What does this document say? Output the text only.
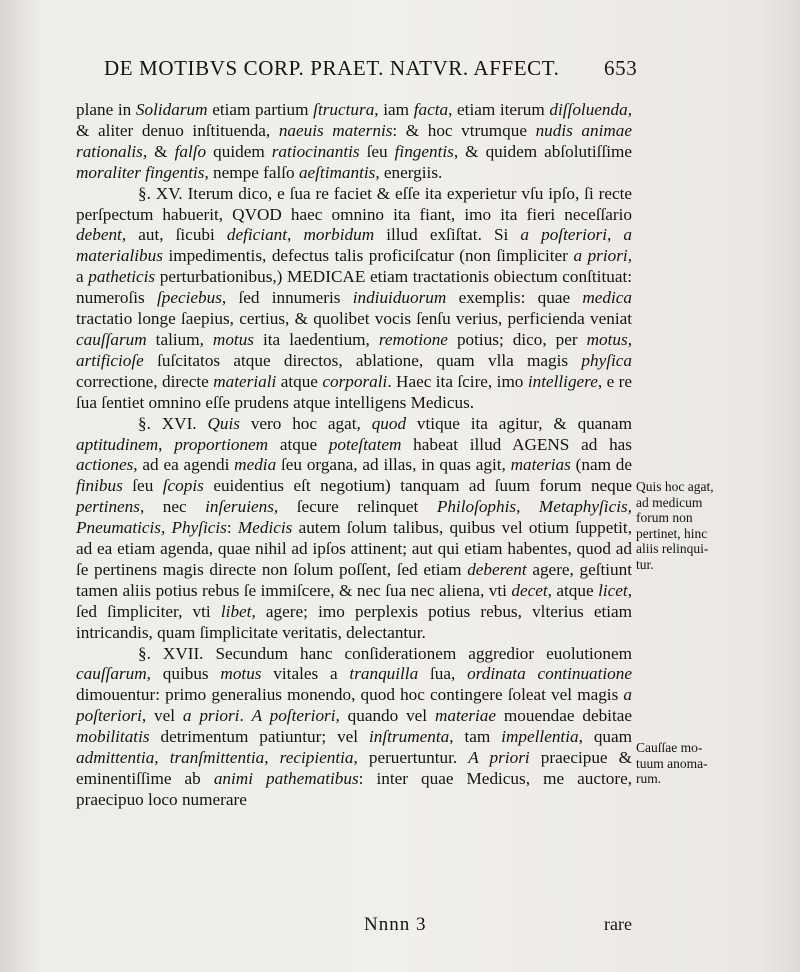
DE MOTIBVS CORP. PRAET. NATVR. AFFECT. 653

plane in Solidarum etiam partium ſtructura, iam facta, etiam iterum diſſoluenda, & aliter denuo inſtituenda, naeuis maternis: & hoc vtrumque nudis animae rationalis, & falſo quidem ratiocinantis ſeu fingentis, & quidem abſolutiſſime moraliter fingentis, nempe falſo aeſtimantis, energiis.

§. XV. Iterum dico, e ſua re faciet & eſſe ita experietur vſu ipſo, ſi recte perſpectum habuerit, QVOD haec omnino ita fiant, imo ita fieri neceſſario debent, aut, ſicubi deficiant, morbidum illud exſiſtat. Si a poſteriori, a materialibus impedimentis, defectus talis proficiſcatur (non ſimpliciter a priori, a patheticis perturbationibus,) MEDICAE etiam tractationis obiectum conſtituat: numeroſis ſpeciebus, ſed innumeris indiuiduorum exemplis: quae medica tractatio longe ſaepius, certius, & quolibet vocis ſenſu verius, perficienda veniat cauſſarum talium, motus ita laedentium, remotione potius; dico, per motus, artificioſe ſuſcitatos atque directos, ablatione, quam vlla magis phyſica correctione, directe materiali atque corporali. Haec ita ſcire, imo intelligere, e re ſua ſentiet omnino eſſe prudens atque intelligens Medicus.

§. XVI. Quis vero hoc agat, quod vtique ita agitur, & quanam aptitudinem, proportionem atque poteſtatem habeat illud AGENS ad has actiones, ad ea agendi media ſeu organa, ad illas, in quas agit, materias (nam de finibus ſeu ſcopis euidentius eſt negotium) tanquam ad ſuum forum neque pertinens, nec inſeruiens, ſecure relinquet Philoſophis, Metaphyſicis, Pneumaticis, Phyſicis: Medicis autem ſolum talibus, quibus vel otium ſuppetit, ad ea etiam agenda, quae nihil ad ipſos attinent; aut qui etiam habentes, quod ad ſe pertinens magis directe non ſolum poſſent, ſed etiam deberent agere, geſtiunt tamen aliis potius rebus ſe immiſcere, & nec ſua nec aliena, vti decet, atque licet, ſed ſimpliciter, vti libet, agere; imo perplexis potius rebus, vlterius etiam intricandis, quam ſimplicitate veritatis, delectantur.

§. XVII. Secundum hanc conſiderationem aggredior euolutionem cauſſarum, quibus motus vitales a tranquilla ſua, ordinata continuatione dimouentur: primo generalius monendo, quod hoc contingere ſoleat vel magis a poſteriori, vel a priori. A poſteriori, quando vel materiae mouendae debitae mobilitatis detrimentum patiuntur; vel inſtrumenta, tam impellentia, quam admittentia, tranſmittentia, recipientia, peruertuntur. A priori praecipue & eminentiſſime ab animi pathematibus: inter quae Medicus, me auctore, praecipuo loco numerare

Quis hoc agat,
ad medicum
forum non
pertinet, hinc
aliis relinqui-
tur.
Cauſſae mo-
tuum anoma-
rum.
Nnnn 3	rare
